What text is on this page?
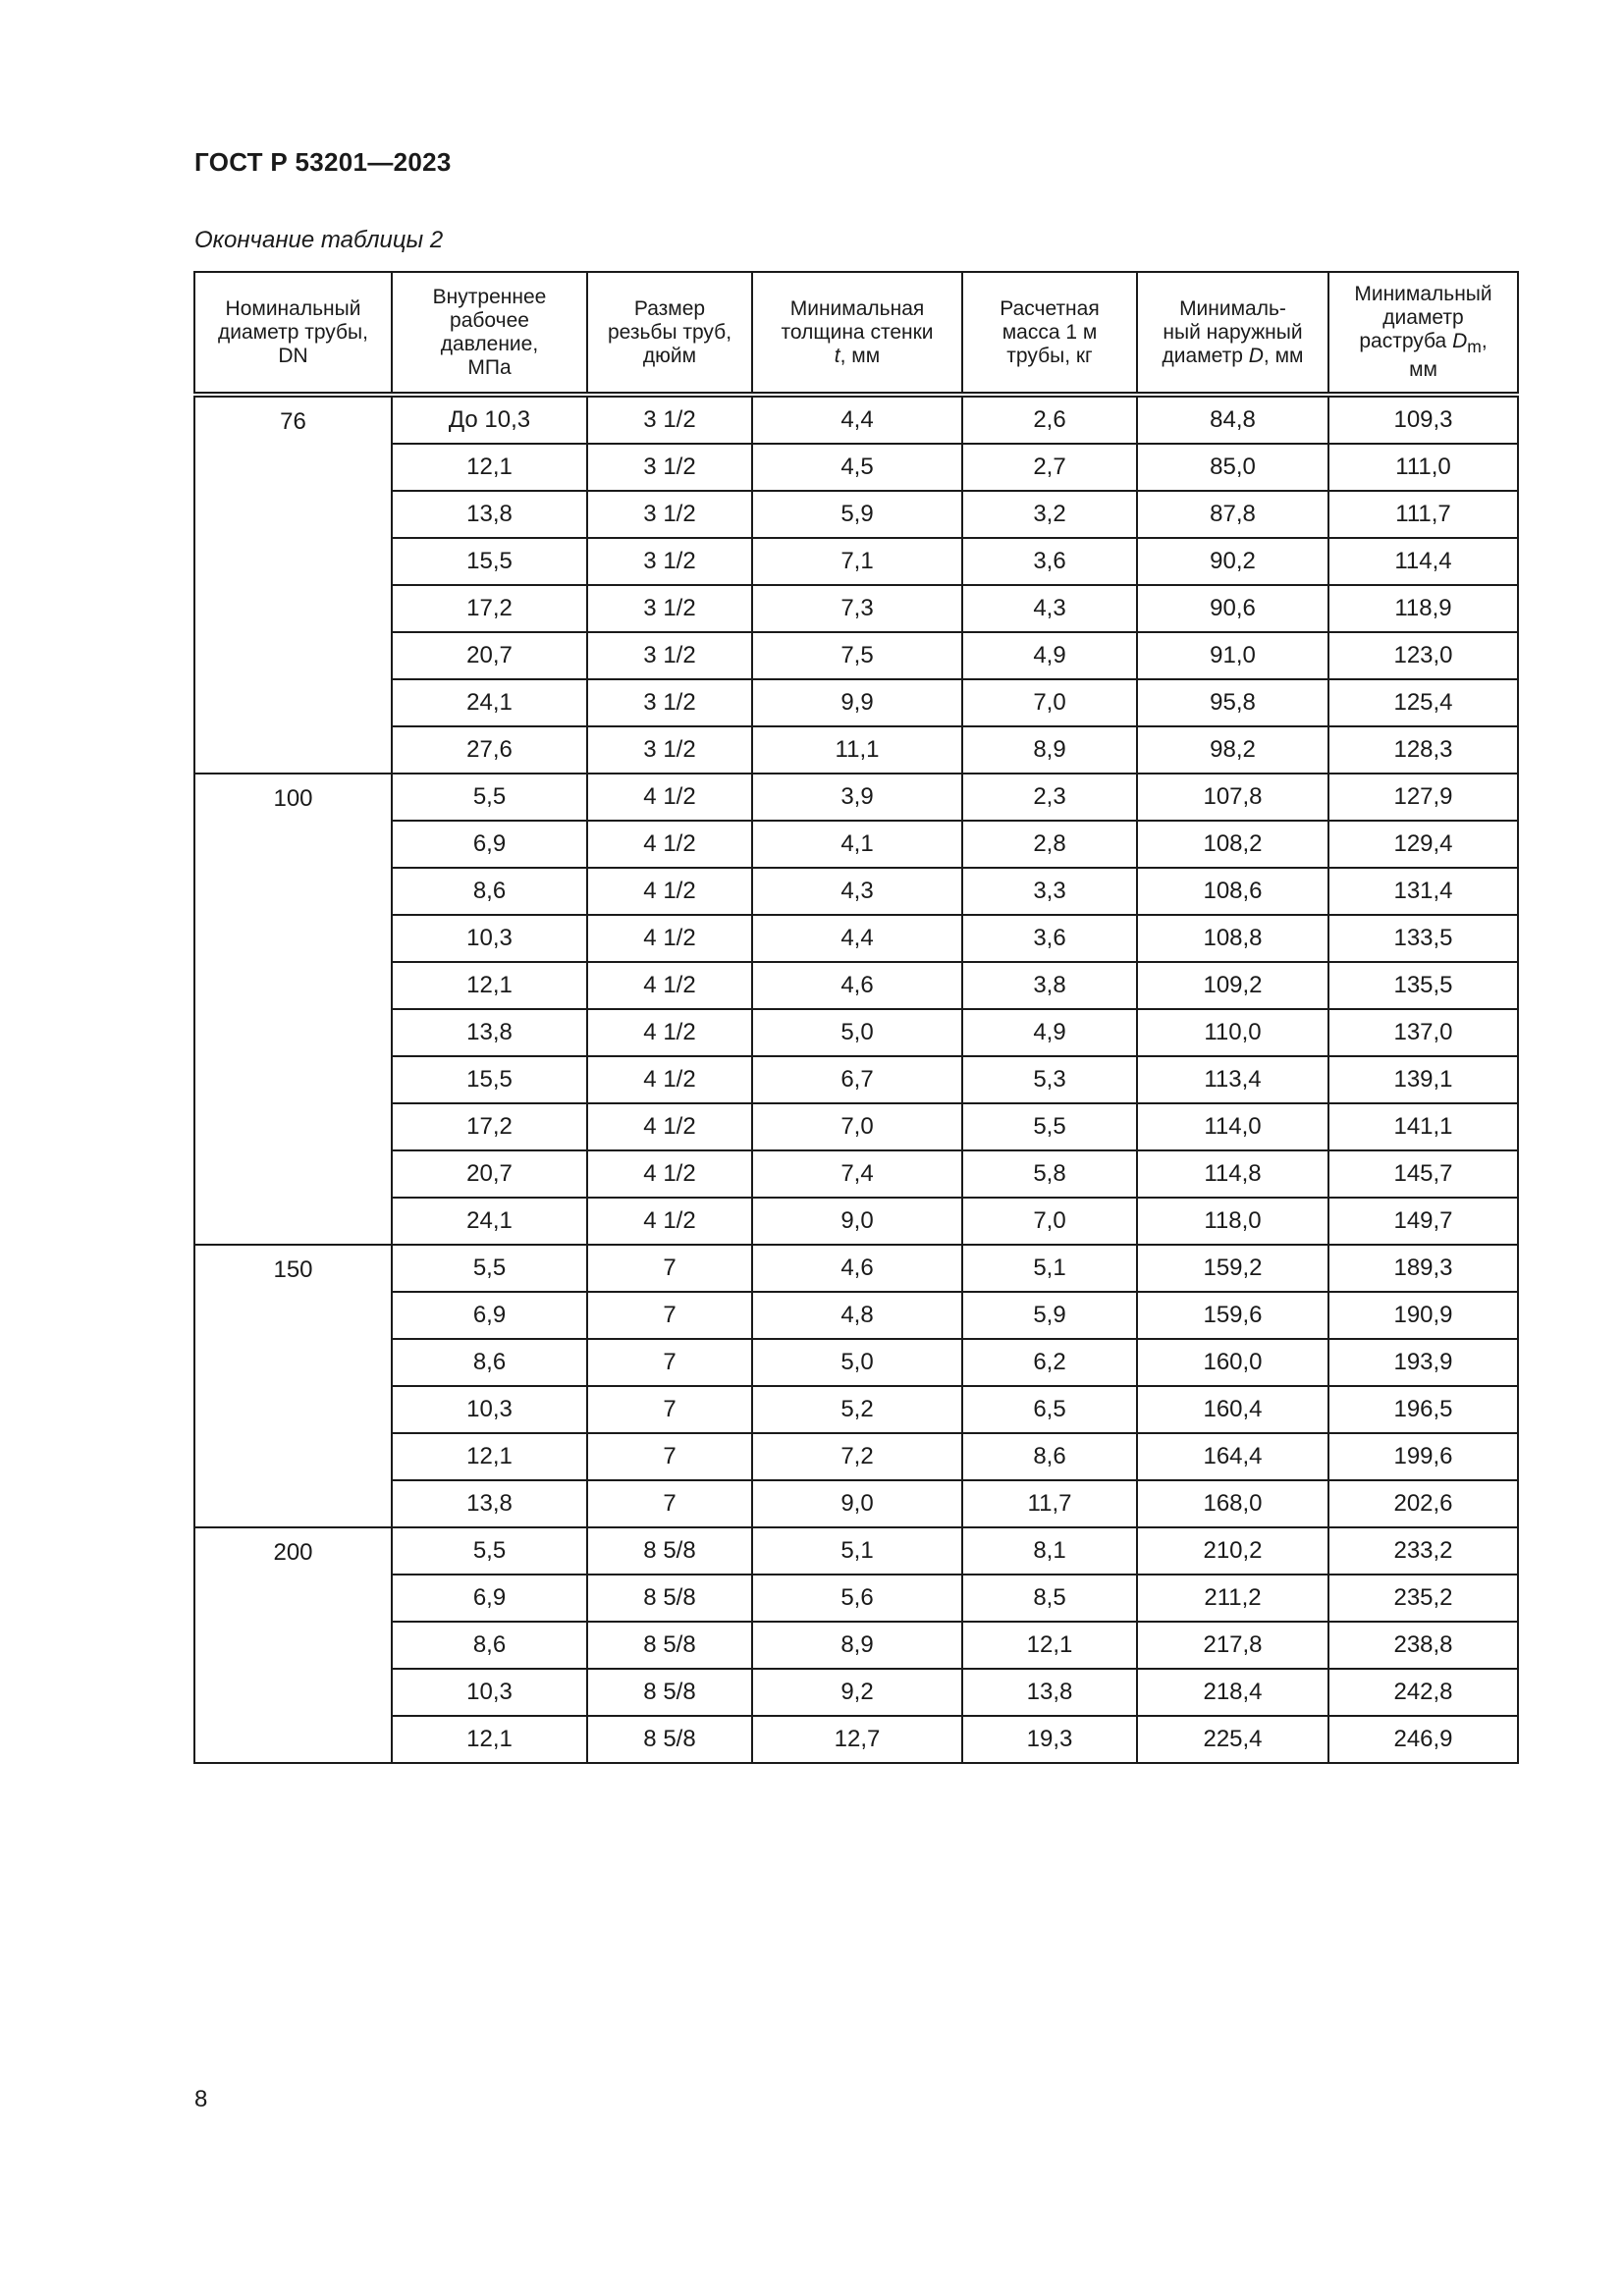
ГОСТ Р 53201—2023
Окончание таблицы 2
Номинальный
диаметр трубы,
DN	Внутреннее
рабочее
давление,
МПа	Размер
резьбы труб,
дюйм	Минимальная
толщина стенки
t, мм	Расчетная
масса 1 м
трубы, кг	Минималь-
ный наружный
диаметр D, мм	Минимальный
диаметр
раструба $D_m$,
мм
76	До 10,3	3 1/2	4,4	2,6	84,8	109,3
	12,1	3 1/2	4,5	2,7	85,0	111,0
	13,8	3 1/2	5,9	3,2	87,8	111,7
	15,5	3 1/2	7,1	3,6	90,2	114,4
	17,2	3 1/2	7,3	4,3	90,6	118,9
	20,7	3 1/2	7,5	4,9	91,0	123,0
	24,1	3 1/2	9,9	7,0	95,8	125,4
	27,6	3 1/2	11,1	8,9	98,2	128,3
100	5,5	4 1/2	3,9	2,3	107,8	127,9
	6,9	4 1/2	4,1	2,8	108,2	129,4
	8,6	4 1/2	4,3	3,3	108,6	131,4
	10,3	4 1/2	4,4	3,6	108,8	133,5
	12,1	4 1/2	4,6	3,8	109,2	135,5
	13,8	4 1/2	5,0	4,9	110,0	137,0
	15,5	4 1/2	6,7	5,3	113,4	139,1
	17,2	4 1/2	7,0	5,5	114,0	141,1
	20,7	4 1/2	7,4	5,8	114,8	145,7
	24,1	4 1/2	9,0	7,0	118,0	149,7
150	5,5	7	4,6	5,1	159,2	189,3
	6,9	7	4,8	5,9	159,6	190,9
	8,6	7	5,0	6,2	160,0	193,9
	10,3	7	5,2	6,5	160,4	196,5
	12,1	7	7,2	8,6	164,4	199,6
	13,8	7	9,0	11,7	168,0	202,6
200	5,5	8 5/8	5,1	8,1	210,2	233,2
	6,9	8 5/8	5,6	8,5	211,2	235,2
	8,6	8 5/8	8,9	12,1	217,8	238,8
	10,3	8 5/8	9,2	13,8	218,4	242,8
	12,1	8 5/8	12,7	19,3	225,4	246,9
8
